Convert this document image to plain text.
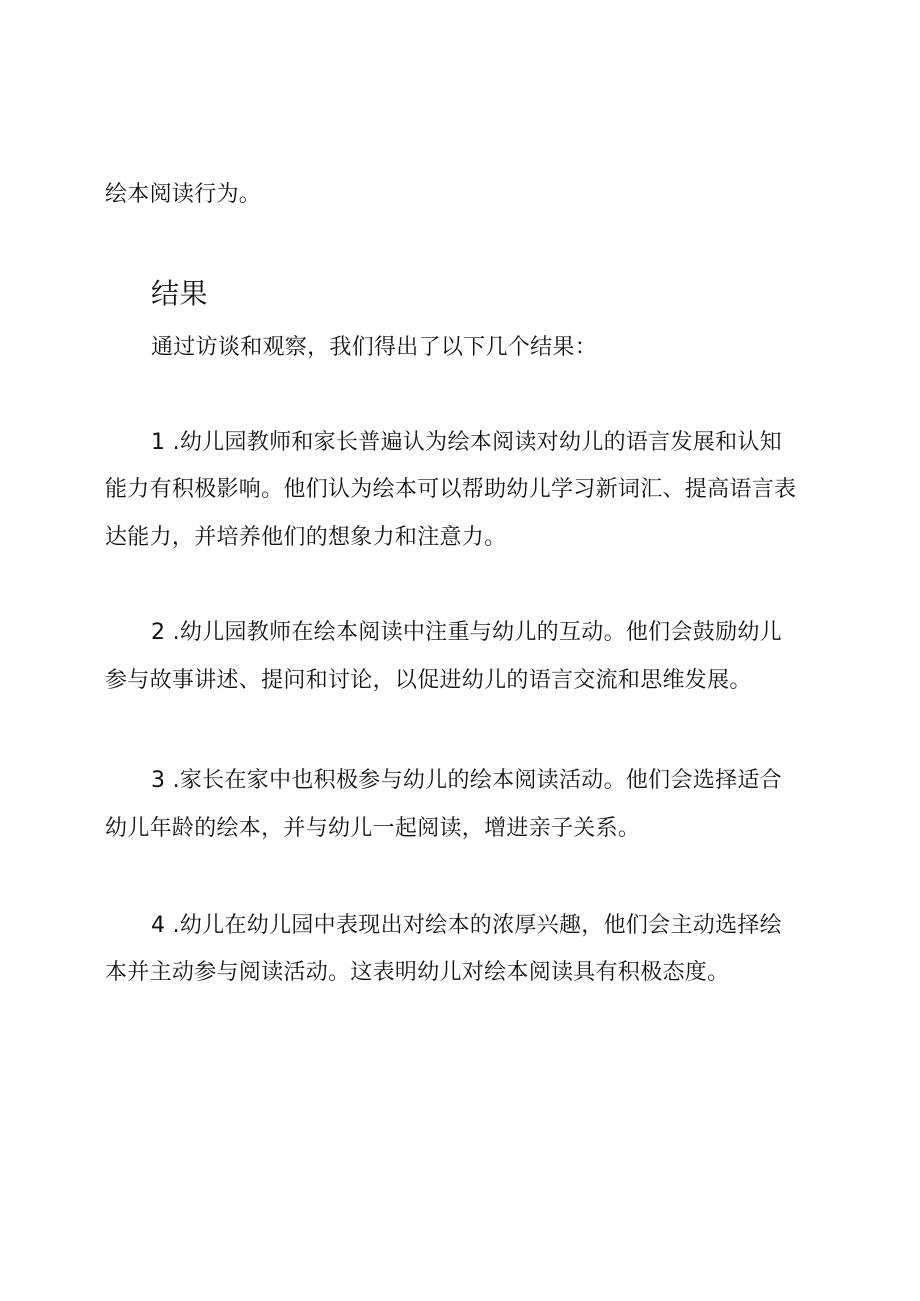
绘本阅读行为。
结果
通过访谈和观察，我们得出了以下几个结果：
1 .幼儿园教师和家长普遍认为绘本阅读对幼儿的语言发展和认知
能力有积极影响。他们认为绘本可以帮助幼儿学习新词汇、提高语言表
达能力，并培养他们的想象力和注意力。
2 .幼儿园教师在绘本阅读中注重与幼儿的互动。他们会鼓励幼儿
参与故事讲述、提问和讨论，以促进幼儿的语言交流和思维发展。
3 .家长在家中也积极参与幼儿的绘本阅读活动。他们会选择适合
幼儿年龄的绘本，并与幼儿一起阅读，增进亲子关系。
4 .幼儿在幼儿园中表现出对绘本的浓厚兴趣，他们会主动选择绘
本并主动参与阅读活动。这表明幼儿对绘本阅读具有积极态度。
